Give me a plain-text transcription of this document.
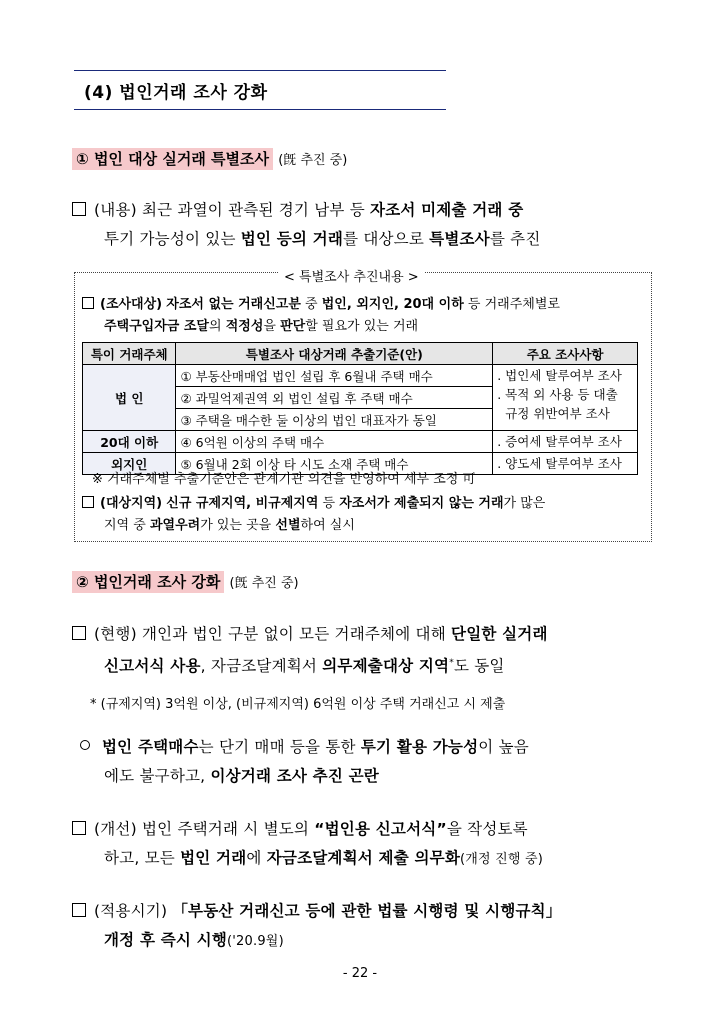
(4) 법인거래 조사 강화
① 법인 대상 실거래 특별조사 (旣 추진 중)
(내용) 최근 과열이 관측된 경기 남부 등 자조서 미제출 거래 중
투기 가능성이 있는 법인 등의 거래를 대상으로 특별조사를 추진
< 특별조사 추진내용 >
(조사대상) 자조서 없는 거래신고분 중 법인, 외지인, 20대 이하 등 거래주체별로
주택구입자금 조달의 적정성을 판단할 필요가 있는 거래
특이 거래주체	특별조사 대상거래 추출기준(안)	주요 조사사항
법 인	① 부동산매매업 법인 설립 후 6월내 주택 매수	. 법인세 탈루여부 조사
. 목적 외 사용 등 대출
규정 위반여부 조사

	② 과밀억제권역 외 법인 설립 후 주택 매수	
	③ 주택을 매수한 둘 이상의 법인 대표자가 동일	
20대 이하	④ 6억원 이상의 주택 매수	. 증여세 탈루여부 조사
외지인	⑤ 6월내 2회 이상 타 시도 소재 주택 매수	. 양도세 탈루여부 조사
※ 거래주체별 추출기준안은 관계기관 의견을 반영하여 세부 조정 可
(대상지역) 신규 규제지역, 비규제지역 등 자조서가 제출되지 않는 거래가 많은
지역 중 과열우려가 있는 곳을 선별하여 실시
② 법인거래 조사 강화 (旣 추진 중)
(현행) 개인과 법인 구분 없이 모든 거래주체에 대해 단일한 실거래
신고서식 사용, 자금조달계획서 의무제출대상 지역*도 동일
* (규제지역) 3억원 이상, (비규제지역) 6억원 이상 주택 거래신고 시 제출
법인 주택매수는 단기 매매 등을 통한 투기 활용 가능성이 높음
에도 불구하고, 이상거래 조사 추진 곤란
(개선) 법인 주택거래 시 별도의 “법인용 신고서식”을 작성토록
하고, 모든 법인 거래에 자금조달계획서 제출 의무화(개정 진행 중)
(적용시기) 「부동산 거래신고 등에 관한 법률 시행령 및 시행규칙」
개정 후 즉시 시행('20.9월)
- 22 -
